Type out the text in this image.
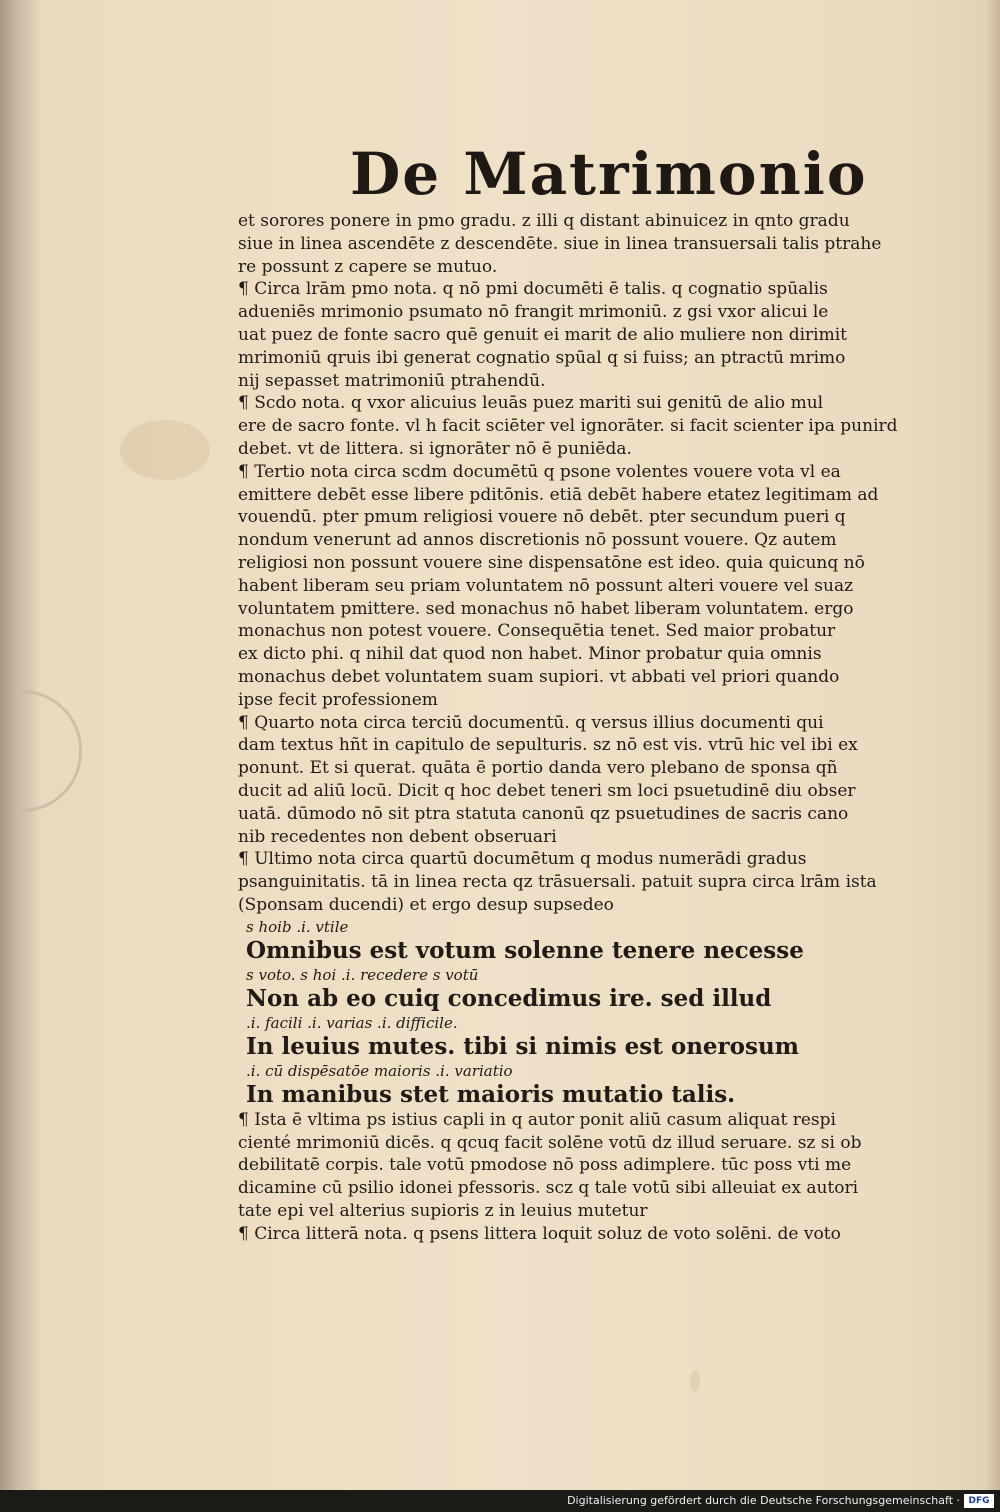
De Matrimonio
et sorores ponere in pmo gradu. z illi q distant abinuicez in qnto gradu
siue in linea ascendēte z descendēte. siue in linea transuersali talis ptrahe
re possunt z capere se mutuo.
¶ Circa lrām pmo nota. q nō pmi documēti ē talis. q cognatio spūalis
adueniēs mrimonio psumato nō frangit mrimoniū. z gsi vxor alicui le
uat puez de fonte sacro quē genuit ei marit de alio muliere non dirimit
mrimoniū qruis ibi generat cognatio spūal q si fuiss; an ptractū mrimo
nij sepasset matrimoniū ptrahendū.
¶ Scdo nota. q vxor alicuius leuās puez mariti sui genitū de alio mul
ere de sacro fonte. vl h facit sciēter vel ignorāter. si facit scienter ipa punird
debet. vt de littera. si ignorāter nō ē puniēda.
¶ Tertio nota circa scdm documētū q psone volentes vouere vota vl ea
emittere debēt esse libere pditōnis. etiā debēt habere etatez legitimam ad
vouendū. pter pmum religiosi vouere nō debēt. pter secundum pueri q
nondum venerunt ad annos discretionis nō possunt vouere. Qz autem
religiosi non possunt vouere sine dispensatōne est ideo. quia quicunq nō
habent liberam seu priam voluntatem nō possunt alteri vouere vel suaz
voluntatem pmittere. sed monachus nō habet liberam voluntatem. ergo
monachus non potest vouere. Consequētia tenet. Sed maior probatur
ex dicto phi. q nihil dat quod non habet. Minor probatur quia omnis
monachus debet voluntatem suam supiori. vt abbati vel priori quando
ipse fecit professionem
¶ Quarto nota circa terciū documentū. q versus illius documenti qui
dam textus hñt in capitulo de sepulturis. sz nō est vis. vtrū hic vel ibi ex
ponunt. Et si querat. quāta ē portio danda vero plebano de sponsa qñ
ducit ad aliū locū. Dicit q hoc debet teneri sm loci psuetudinē diu obser
uatā. dūmodo nō sit ptra statuta canonū qz psuetudines de sacris cano
nib recedentes non debent obseruari
¶ Ultimo nota circa quartū documētum q modus numerādi gradus
psanguinitatis. tā in linea recta qz trāsuersali. patuit supra circa lrām ista
(Sponsam ducendi) et ergo desup supsedeo
s hoib .i. vtile
Omnibus est votum solenne tenere necesse
s voto. s hoi .i. recedere s votū
Non ab eo cuiq concedimus ire. sed illud
.i. facili .i. varias .i. difficile.
In leuius mutes. tibi si nimis est onerosum
.i. cū dispēsatōe maioris .i. variatio
In manibus stet maioris mutatio talis.
¶ Ista ē vltima ps istius capli in q autor ponit aliū casum aliquat respi
cienté mrimoniū dicēs. q qcuq facit solēne votū dz illud seruare. sz si ob
debilitatē corpis. tale votū pmodose nō poss adimplere. tūc poss vti me
dicamine cū psilio idonei pfessoris. scz q tale votū sibi alleuiat ex autori
tate epi vel alterius supioris z in leuius mutetur
¶ Circa litterā nota. q psens littera loquit soluz de voto solēni. de voto
Digitalisierung gefördert durch die Deutsche Forschungsgemeinschaft · DFG
